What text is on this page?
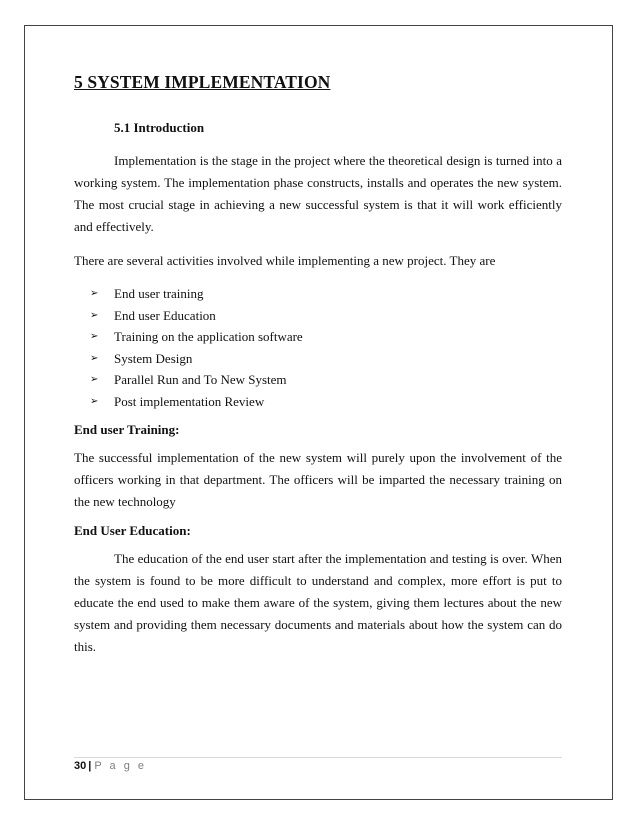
5 SYSTEM IMPLEMENTATION
5.1 Introduction

Implementation is the stage in the project where the theoretical design is turned into a working system. The implementation phase constructs, installs and operates the new system. The most crucial stage in achieving a new successful system is that it will work efficiently and effectively.

There are several activities involved while implementing a new project. They are

➢ End user training
➢ End user Education
➢ Training on the application software
➢ System Design
➢ Parallel Run and To New System
➢ Post implementation Review
End user Training:

The successful implementation of the new system will purely upon the involvement of the officers working in that department. The officers will be imparted the necessary training on the new technology

End User Education:

The education of the end user start after the implementation and testing is over. When the system is found to be more difficult to understand and complex, more effort is put to educate the end used to make them aware of the system, giving them lectures about the new system and providing them necessary documents and materials about how the system can do this.

30 | P a g e
